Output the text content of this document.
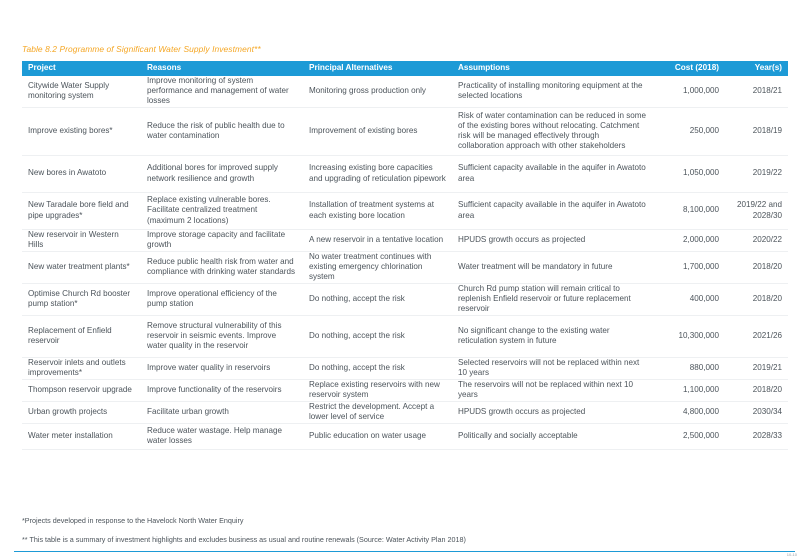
Table 8.2 Programme of Significant Water Supply Investment**
Project	Reasons	Principal Alternatives	Assumptions	Cost (2018)	Year(s)
Citywide Water Supply monitoring system	Improve monitoring of system performance and management of water losses	Monitoring gross production only	Practicality of installing monitoring equipment at the selected locations	1,000,000	2018/21
Improve existing bores*	Reduce the risk of public health due to water contamination	Improvement of existing bores	Risk of water contamination can be reduced in some of the existing bores without relocating. Catchment risk will be managed effectively through collaboration approach with other stakeholders	250,000	2018/19
New bores in Awatoto	Additional bores for improved supply network resilience and growth	Increasing existing bore capacities and upgrading of reticulation pipework	Sufficient capacity available in the aquifer in Awatoto area	1,050,000	2019/22
New Taradale bore field and pipe upgrades*	Replace existing vulnerable bores. Facilitate centralized treatment (maximum 2 locations)	Installation of treatment systems at each existing bore location	Sufficient capacity available in the aquifer in Awatoto area	8,100,000	2019/22 and 2028/30
New reservoir in Western Hills	Improve storage capacity and facilitate growth	A new reservoir in a tentative location	HPUDS growth occurs as projected	2,000,000	2020/22
New water treatment plants*	Reduce public health risk from water and compliance with drinking water standards	No water treatment continues with existing emergency chlorination system	Water treatment will be mandatory in future	1,700,000	2018/20
Optimise Church Rd booster pump station*	Improve operational efficiency of the pump station	Do nothing, accept the risk	Church Rd pump station will remain critical to replenish Enfield reservoir or future replacement reservoir	400,000	2018/20
Replacement of Enfield reservoir	Remove structural vulnerability of this reservoir in seismic events. Improve water quality in the reservoir	Do nothing, accept the risk	No significant change to the existing water reticulation system in future	10,300,000	2021/26
Reservoir inlets and outlets improvements*	Improve water quality in reservoirs	Do nothing, accept the risk	Selected reservoirs will not be replaced within next 10 years	880,000	2019/21
Thompson reservoir upgrade	Improve functionality of the reservoirs	Replace existing reservoirs with new reservoir system	The reservoirs will not be replaced within next 10 years	1,100,000	2018/20
Urban growth projects	Facilitate urban growth	Restrict the development. Accept a lower level of service	HPUDS growth occurs as projected	4,800,000	2030/34
Water meter installation	Reduce water wastage. Help manage water losses	Public education on water usage	Politically and socially acceptable	2,500,000	2028/33
*Projects developed in response to the Havelock North Water Enquiry
** This table is a summary of investment highlights and excludes business as usual and routine renewals (Source: Water Activity Plan 2018)
10-10
